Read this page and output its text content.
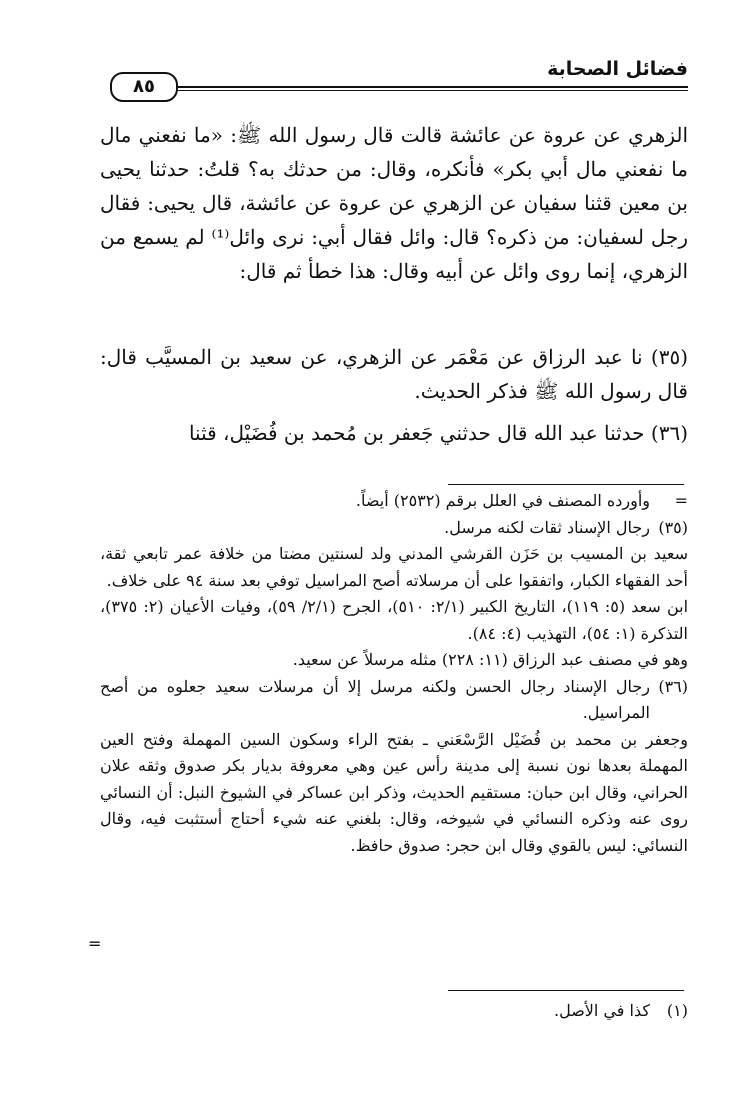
فضائل الصحابة
٨٥

الزهري عن عروة عن عائشة قالت قال رسول الله ﷺ: «ما نفعني مال ما نفعني مال أبي بكر» فأنكره، وقال: من حدثك به؟ قلتُ: حدثنا يحيى بن معين قثنا سفيان عن الزهري عن عروة عن عائشة، قال يحيى: فقال رجل لسفيان: من ذكره؟ قال: وائل فقال أبي: نرى وائل⁽¹⁾ لم يسمع من الزهري، إنما روى وائل عن أبيه وقال: هذا خطأ ثم قال:

(٣٥) نا عبد الرزاق عن مَعْمَر عن الزهري، عن سعيد بن المسيَّب قال: قال رسول الله ﷺ فذكر الحديث.

(٣٦) حدثنا عبد الله قال حدثني جَعفر بن مُحمد بن فُضَيْل، قثنا

=
وأورده المصنف في العلل برقم (٢٥٣٢) أيضاً.
(٣٥)
رجال الإسناد ثقات لكنه مرسل.

سعيد بن المسيب بن حَزَن القرشي المدني ولد لسنتين مضتا من خلافة عمر تابعي ثقة، أحد الفقهاء الكبار، واتفقوا على أن مرسلاته أصح المراسيل توفي بعد سنة ٩٤ على خلاف.

ابن سعد (٥: ١١٩)، التاريخ الكبير (٢/١: ٥١٠)، الجرح (٢/١/ ٥٩)، وفيات الأعيان (٢: ٣٧٥)، التذكرة (١: ٥٤)، التهذيب (٤: ٨٤).

وهو في مصنف عبد الرزاق (١١: ٢٢٨) مثله مرسلاً عن سعيد.

(٣٦)
رجال الإسناد رجال الحسن ولكنه مرسل إلا أن مرسلات سعيد جعلوه من أصح المراسيل.

وجعفر بن محمد بن فُضَيْل الرَّسْعَني ـ بفتح الراء وسكون السين المهملة وفتح العين المهملة بعدها نون نسبة إلى مدينة رأس عين وهي معروفة بديار بكر صدوق وثقه علان الحراني، وقال ابن حبان: مستقيم الحديث، وذكر ابن عساكر في الشيوخ النبل: أن النسائي روى عنه وذكره النسائي في شيوخه، وقال: بلغني عنه شيء أحتاج أستثبت فيه، وقال النسائي: ليس بالقوي وقال ابن حجر: صدوق حافظ.

=
(١)
كذا في الأصل.
